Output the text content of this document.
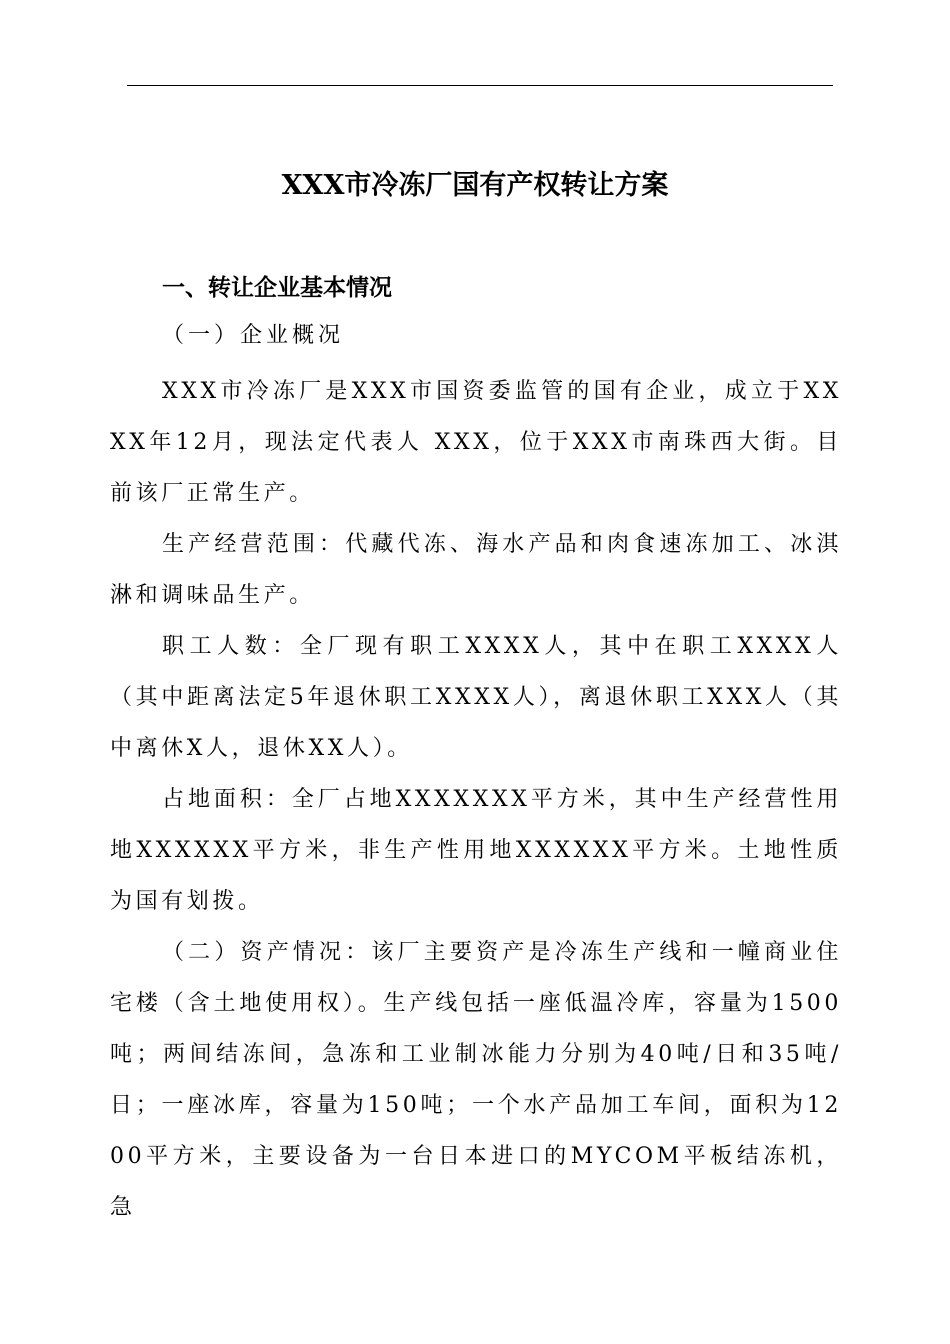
XXX市冷冻厂国有产权转让方案
一、转让企业基本情况
（一）企业概况

XXX市冷冻厂是XXX市国资委监管的国有企业，成立于XXXX年12月，现法定代表人 XXX，位于XXX市南珠西大街。目前该厂正常生产。

生产经营范围：代藏代冻、海水产品和肉食速冻加工、冰淇淋和调味品生产。

职工人数：全厂现有职工XXXX人，其中在职工XXXX人（其中距离法定5年退休职工XXXX人），离退休职工XXX人（其中离休X人，退休XX人）。

占地面积：全厂占地XXXXXXX平方米，其中生产经营性用地XXXXXX平方米，非生产性用地XXXXXX平方米。土地性质为国有划拨。

（二）资产情况：该厂主要资产是冷冻生产线和一幢商业住宅楼（含土地使用权）。生产线包括一座低温冷库，容量为1500吨；两间结冻间，急冻和工业制冰能力分别为40吨/日和35吨/日；一座冰库，容量为150吨；一个水产品加工车间，面积为1200平方米，主要设备为一台日本进口的MYCOM平板结冻机，急
